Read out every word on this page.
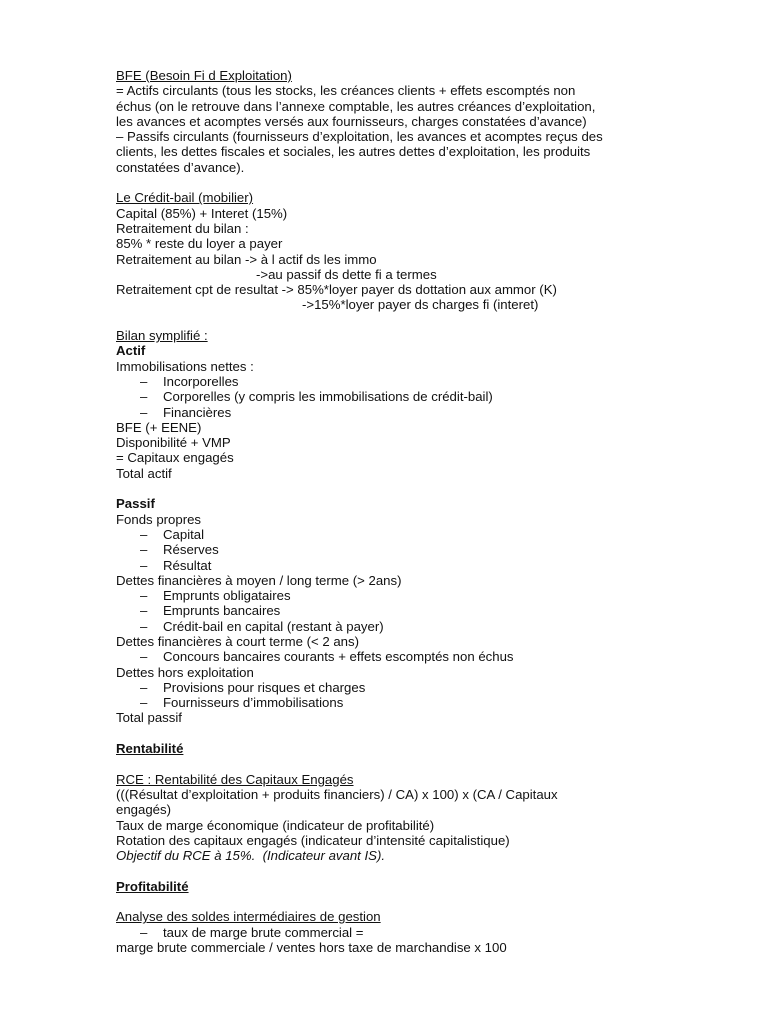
BFE (Besoin Fi d Exploitation)
= Actifs circulants (tous les stocks, les créances clients + effets escomptés non
échus (on le retrouve dans l’annexe comptable, les autres créances d’exploitation,
les avances et acomptes versés aux fournisseurs, charges constatées d’avance)
– Passifs circulants (fournisseurs d’exploitation, les avances et acomptes reçus des
clients, les dettes fiscales et sociales, les autres dettes d’exploitation, les produits
constatées d’avance).
Le Crédit-bail (mobilier)
Capital (85%) + Interet (15%)
Retraitement du bilan :
85% * reste du loyer a payer
Retraitement au bilan -> à l actif ds les immo
->au passif ds dette fi a termes
Retraitement cpt de resultat -> 85%*loyer payer ds dottation aux ammor (K)
->15%*loyer payer ds charges fi (interet)
Bilan symplifié :
Actif
Immobilisations nettes :
– Incorporelles
– Corporelles (y compris les immobilisations de crédit-bail)
– Financières
BFE (+ EENE)
Disponibilité + VMP
= Capitaux engagés
Total actif
Passif
Fonds propres
– Capital
– Réserves
– Résultat
Dettes financières à moyen / long terme (> 2ans)
– Emprunts obligataires
– Emprunts bancaires
– Crédit-bail en capital (restant à payer)
Dettes financières à court terme (< 2 ans)
– Concours bancaires courants + effets escomptés non échus
Dettes hors exploitation
– Provisions pour risques et charges
– Fournisseurs d’immobilisations
Total passif
Rentabilité
RCE : Rentabilité des Capitaux Engagés
(((Résultat d’exploitation + produits financiers) / CA) x 100) x (CA / Capitaux
engagés)
Taux de marge économique (indicateur de profitabilité)
Rotation des capitaux engagés (indicateur d’intensité capitalistique)
Objectif du RCE à 15%.  (Indicateur avant IS).
Profitabilité
Analyse des soldes intermédiaires de gestion
– taux de marge brute commercial =
marge brute commerciale / ventes hors taxe de marchandise x 100
